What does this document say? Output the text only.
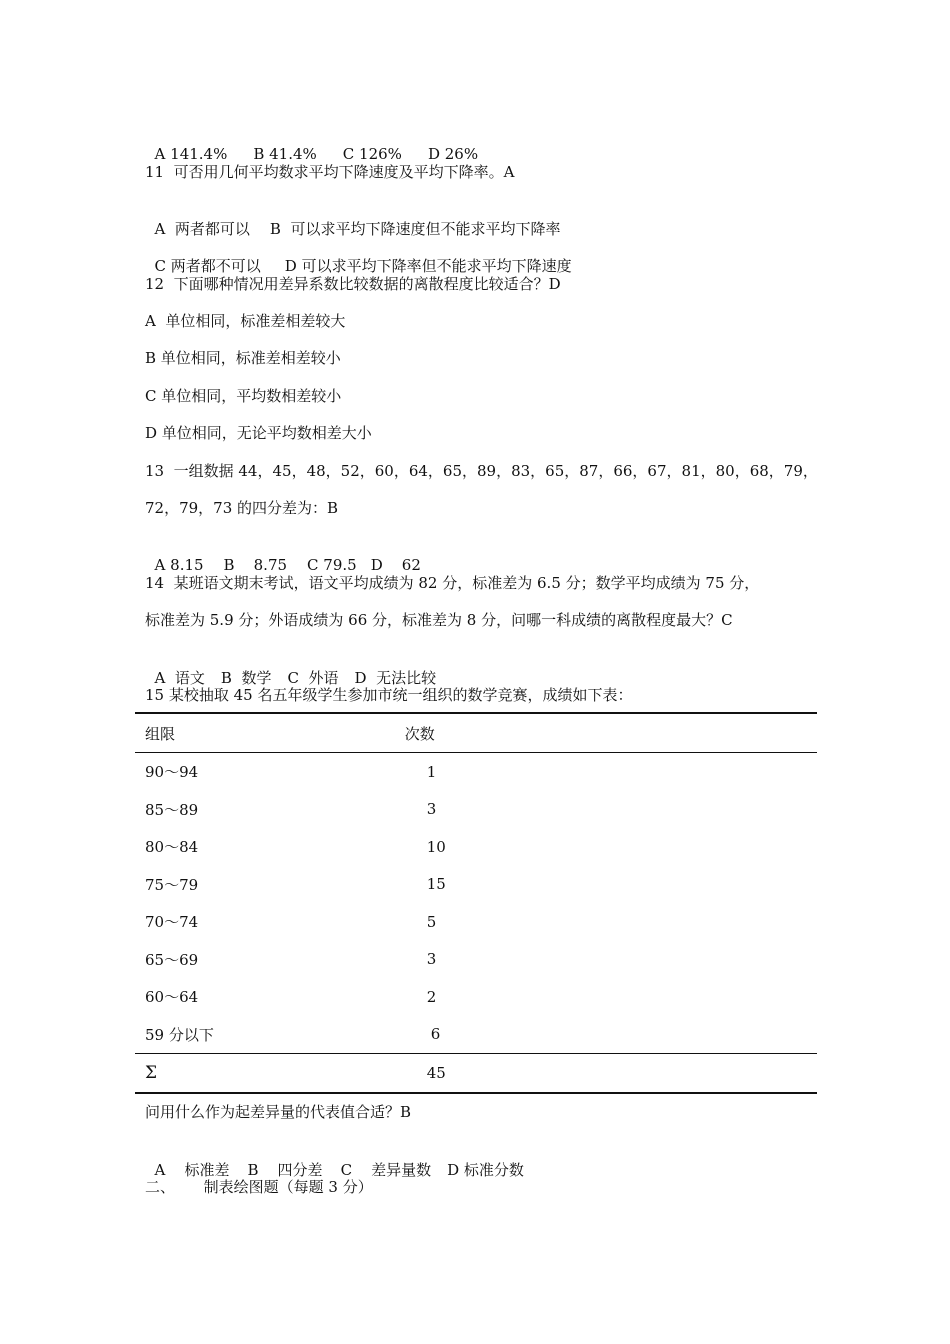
A 141.4% B 41.4% C 126% D 26%

11  可否用几何平均数求平均下降速度及平均下降率。A

A  两者都可以 B  可以求平均下降速度但不能求平均下降率

C 两者都不可以 D 可以求平均下降率但不能求平均下降速度

12  下面哪种情况用差异系数比较数据的离散程度比较适合？D
A  单位相同，标准差相差较大
B 单位相同，标准差相差较小
C 单位相同，平均数相差较小
D 单位相同，无论平均数相差大小
13  一组数据 44，45，48，52，60，64，65，89，83，65，87，66，67，81，80，68，79，
72，79，73 的四分差为：B

A 8.15 B    8.75 C 79.5 D    62

14  某班语文期末考试，语文平均成绩为 82 分，标准差为 6.5 分；数学平均成绩为 75 分，
标准差为 5.9 分；外语成绩为 66 分，标准差为 8 分，问哪一科成绩的离散程度最大？C

A  语文 B  数学 C  外语 D  无法比较

15 某校抽取 45 名五年级学生参加市统一组织的数学竞赛，成绩如下表：
组限	次数
90～94	1
85～89	3
80～84	10
75～79	15
70～74	5
65～69	3
60～64	2
59 分以下	6
Σ	45
问用什么作为起差异量的代表值合适？B

A    标准差 B    四分差 C    差异量数 D 标准分数

二、      制表绘图题（每题 3 分）
